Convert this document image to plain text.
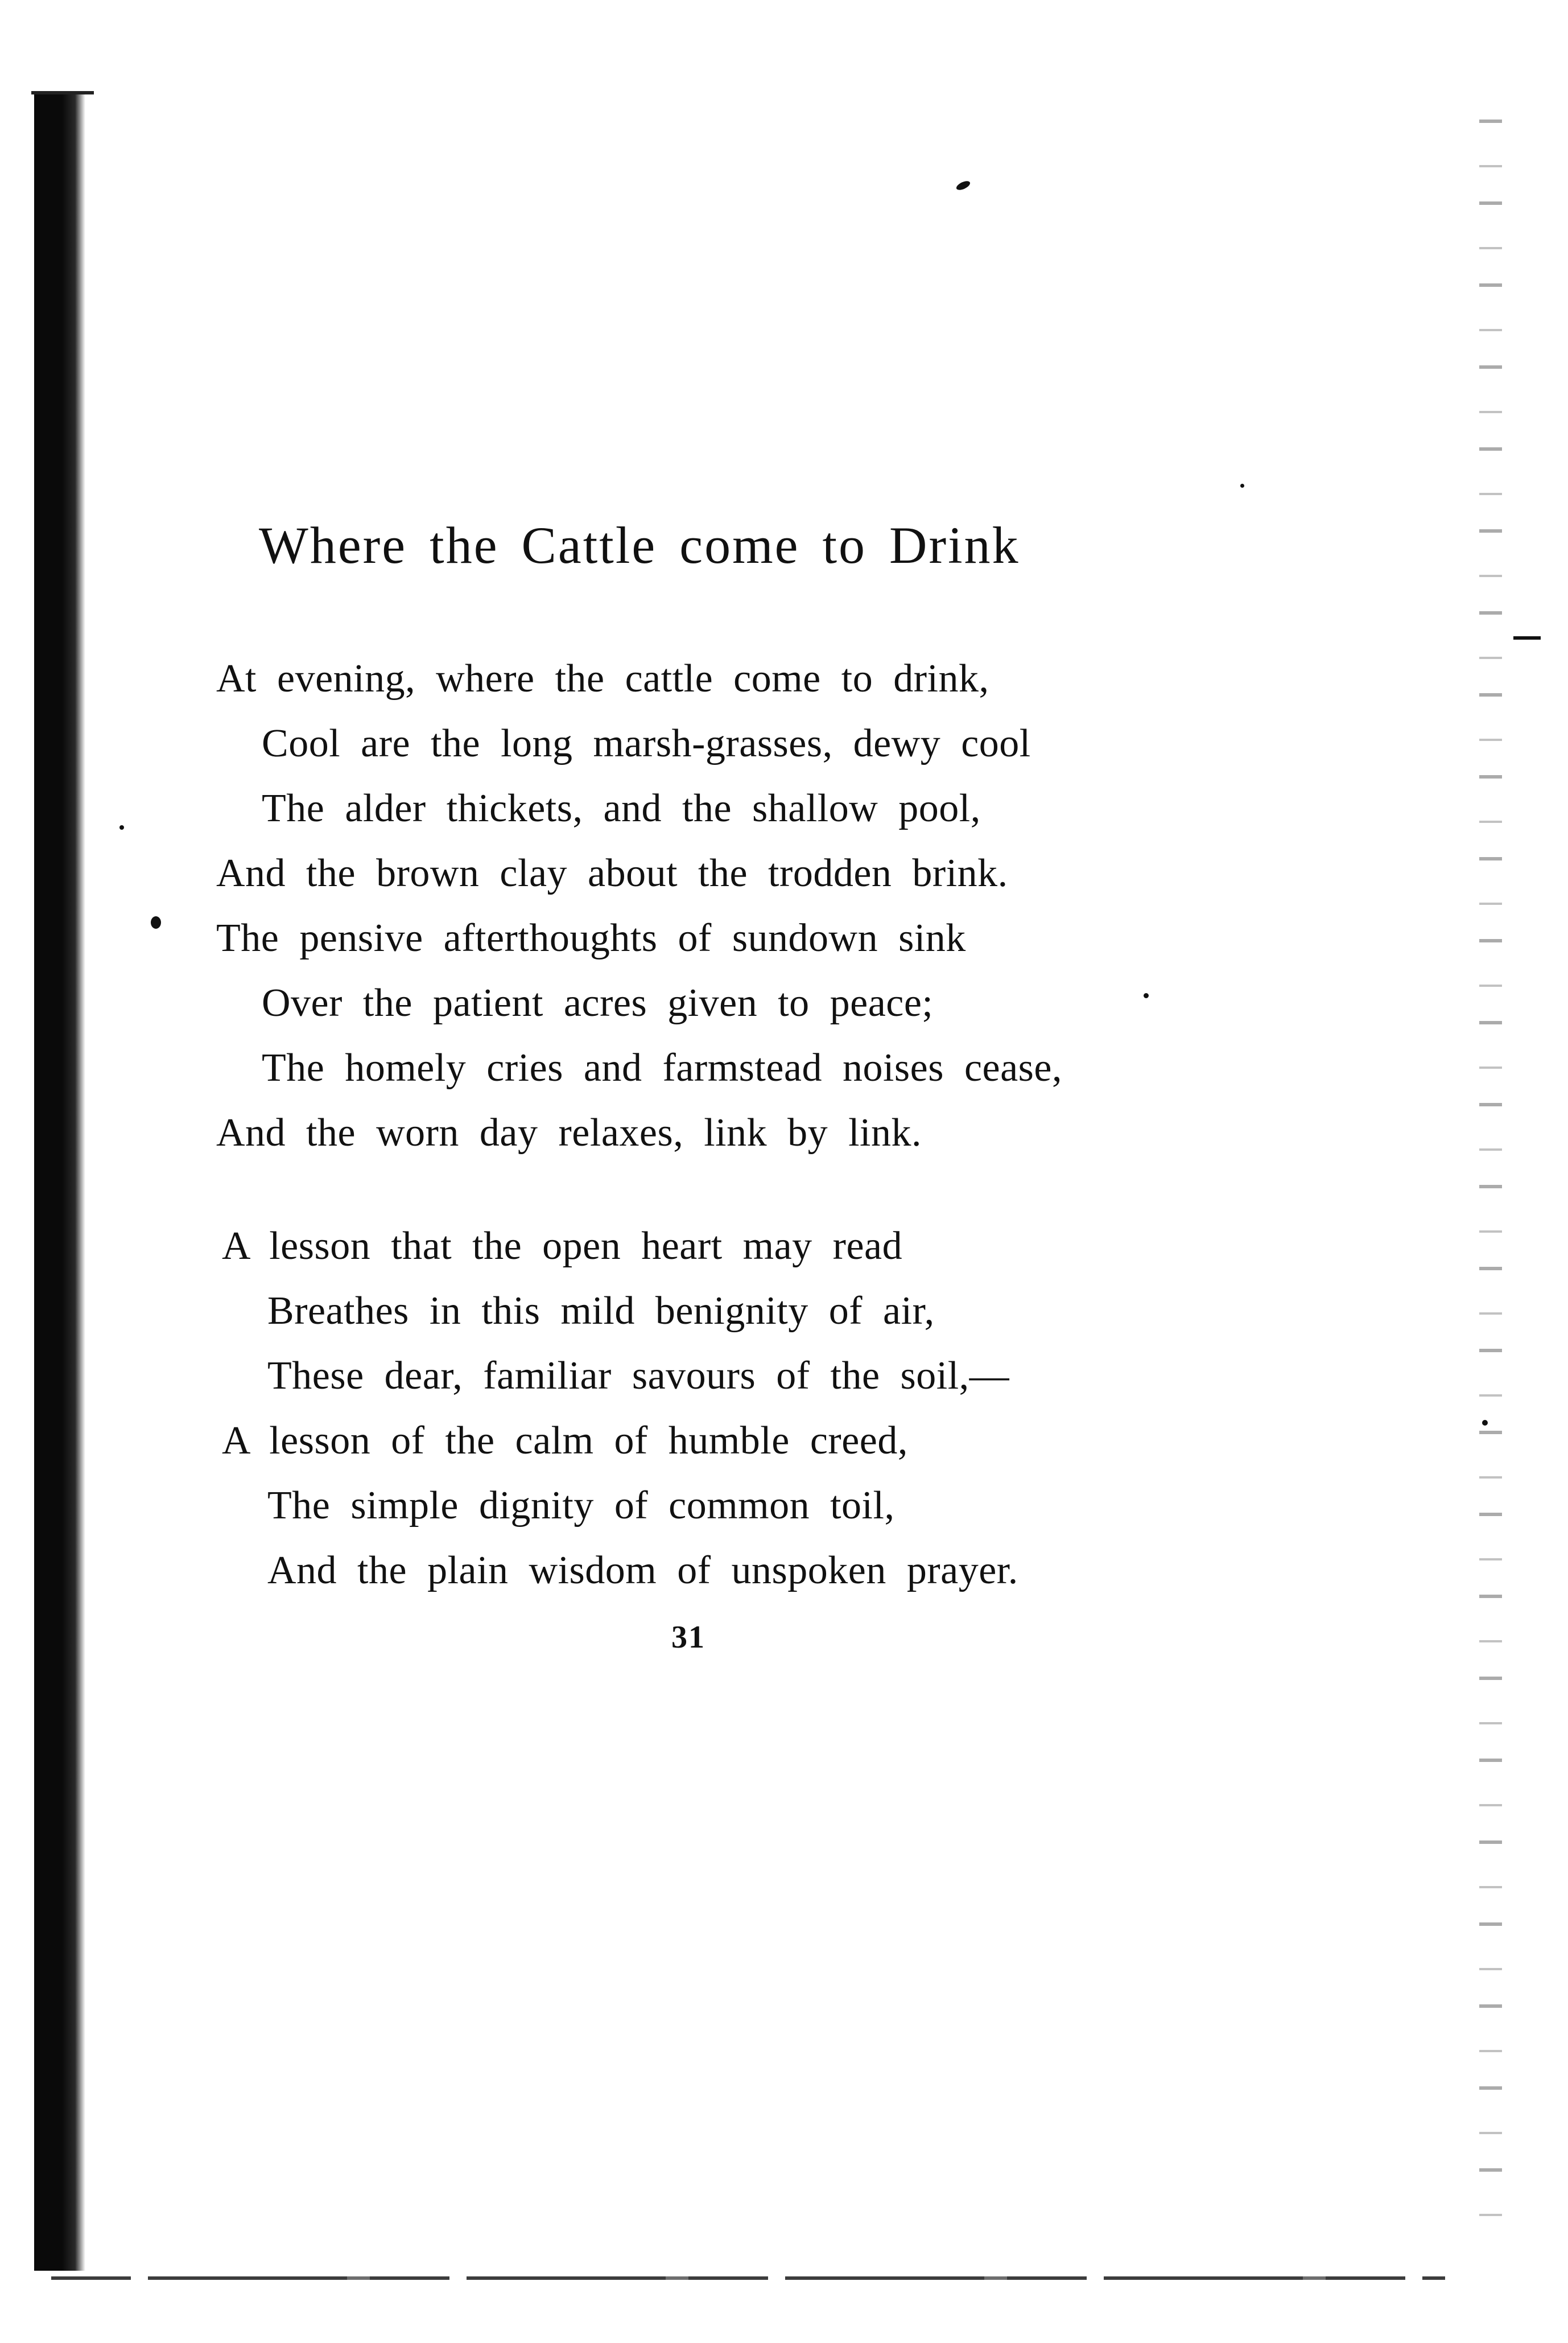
Where the Cattle come to Drink
At evening, where the cattle come to drink,
Cool are the long marsh-grasses, dewy cool
The alder thickets, and the shallow pool,
And the brown clay about the trodden brink.
The pensive afterthoughts of sundown sink
Over the patient acres given to peace;
The homely cries and farmstead noises cease,
And the worn day relaxes, link by link.
A lesson that the open heart may read
Breathes in this mild benignity of air,
These dear, familiar savours of the soil,—
A lesson of the calm of humble creed,
The simple dignity of common toil,
And the plain wisdom of unspoken prayer.
31
